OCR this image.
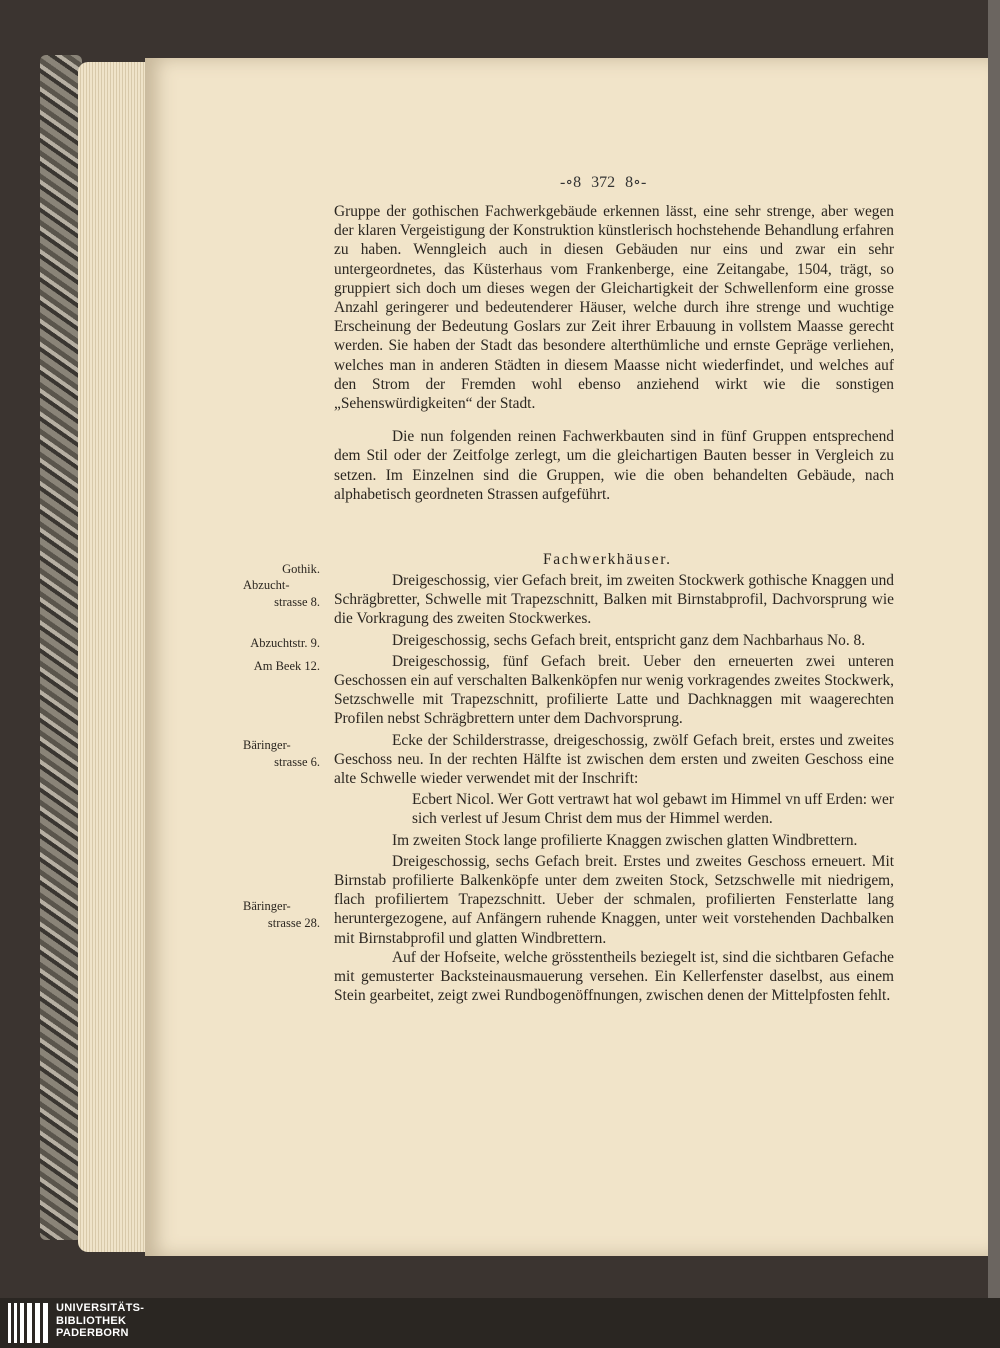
-∘8 372 8∘-

Gruppe der gothischen Fachwerkgebäude erkennen lässt, eine sehr strenge, aber wegen der klaren Vergeistigung der Konstruktion künstlerisch hochstehende Behandlung erfahren zu haben. Wenngleich auch in diesen Gebäuden nur eins und zwar ein sehr untergeordnetes, das Küsterhaus vom Frankenberge, eine Zeitangabe, 1504, trägt, so gruppiert sich doch um dieses wegen der Gleichartigkeit der Schwellenform eine grosse Anzahl geringerer und bedeutenderer Häuser, welche durch ihre strenge und wuchtige Erscheinung der Bedeutung Goslars zur Zeit ihrer Erbauung in vollstem Maasse gerecht werden. Sie haben der Stadt das besondere alterthümliche und ernste Gepräge verliehen, welches man in anderen Städten in diesem Maasse nicht wiederfindet, und welches auf den Strom der Fremden wohl ebenso anziehend wirkt wie die sonstigen „Sehenswürdigkeiten“ der Stadt.

Die nun folgenden reinen Fachwerkbauten sind in fünf Gruppen entsprechend dem Stil oder der Zeitfolge zerlegt, um die gleichartigen Bauten besser in Vergleich zu setzen. Im Einzelnen sind die Gruppen, wie die oben behandelten Gebäude, nach alphabetisch geordneten Strassen aufgeführt.

Fachwerkhäuser.
Gothik.
Abzucht-
strasse 8.
Abzuchtstr. 9.
Am Beek 12.
Bäringer-
strasse 6.
Bäringer-
strasse 28.

Dreigeschossig, vier Gefach breit, im zweiten Stockwerk gothische Knaggen und Schrägbretter, Schwelle mit Trapezschnitt, Balken mit Birnstabprofil, Dachvorsprung wie die Vorkragung des zweiten Stockwerkes.

Dreigeschossig, sechs Gefach breit, entspricht ganz dem Nachbarhaus No. 8.

Dreigeschossig, fünf Gefach breit. Ueber den erneuerten zwei unteren Geschossen ein auf verschalten Balkenköpfen nur wenig vorkragendes zweites Stockwerk, Setzschwelle mit Trapezschnitt, profilierte Latte und Dachknaggen mit waagerechten Profilen nebst Schrägbrettern unter dem Dachvorsprung.

Ecke der Schilderstrasse, dreigeschossig, zwölf Gefach breit, erstes und zweites Geschoss neu. In der rechten Hälfte ist zwischen dem ersten und zweiten Geschoss eine alte Schwelle wieder verwendet mit der Inschrift:

Ecbert Nicol. Wer Gott vertrawt hat wol gebawt im Himmel vn uff Erden: wer sich verlest uf Jesum Christ dem mus der Himmel werden.

Im zweiten Stock lange profilierte Knaggen zwischen glatten Windbrettern.

Dreigeschossig, sechs Gefach breit. Erstes und zweites Geschoss erneuert. Mit Birnstab profilierte Balkenköpfe unter dem zweiten Stock, Setzschwelle mit niedrigem, flach profiliertem Trapezschnitt. Ueber der schmalen, profilierten Fensterlatte lang heruntergezogene, auf Anfängern ruhende Knaggen, unter weit vorstehenden Dachbalken mit Birnstabprofil und glatten Windbrettern.

Auf der Hofseite, welche grösstentheils beziegelt ist, sind die sichtbaren Gefache mit gemusterter Backsteinausmauerung versehen. Ein Kellerfenster daselbst, aus einem Stein gearbeitet, zeigt zwei Rundbogenöffnungen, zwischen denen der Mittelpfosten fehlt.

UNIVERSITÄTS-
BIBLIOTHEK
PADERBORN
